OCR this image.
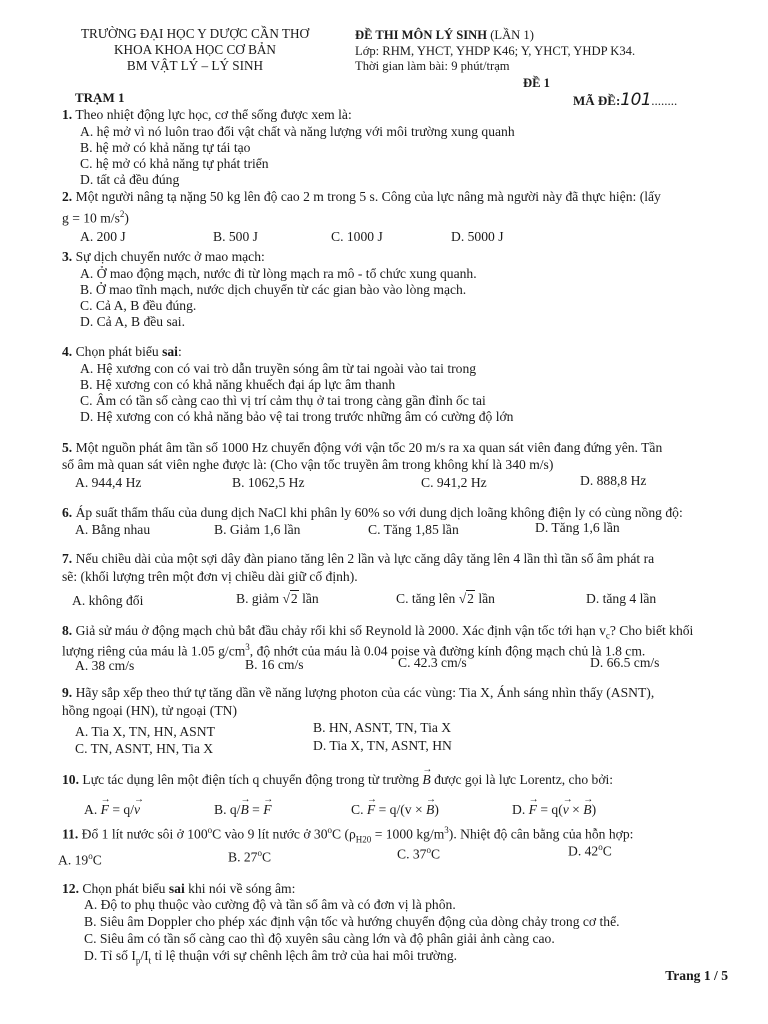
TRƯỜNG ĐẠI HỌC Y DƯỢC CẦN THƠ
KHOA KHOA HỌC CƠ BẢN
BM VẬT LÝ – LÝ SINH
ĐỀ THI MÔN LÝ SINH (LẦN 1)
Lớp: RHM, YHCT, YHDP K46; Y, YHCT, YHDP K34.
Thời gian làm bài: 9 phút/trạm
ĐỀ 1
TRẠM 1	MÃ ĐỀ:101........
1. Theo nhiệt động lực học, cơ thể sống được xem là:
A. hệ mở vì nó luôn trao đổi vật chất và năng lượng với môi trường xung quanh
B. hệ mở có khả năng tự tái tạo
C. hệ mở có khả năng tự phát triển
D. tất cả đều đúng
2. Một người nâng tạ nặng 50 kg lên độ cao 2 m trong 5 s. Công của lực nâng mà người này đã thực hiện: (lấy
g = 10 $m/s^2$)
A. 200 J	B. 500 J	C. 1000 J	D. 5000 J
3. Sự dịch chuyển nước ở mao mạch:
A. Ở mao động mạch, nước đi từ lòng mạch ra mô - tổ chức xung quanh.
B. Ở mao tĩnh mạch, nước dịch chuyển từ các gian bào vào lòng mạch.
C. Cả A, B đều đúng.
D. Cả A, B đều sai.
4. Chọn phát biểu sai:
A. Hệ xương con có vai trò dẫn truyền sóng âm từ tai ngoài vào tai trong
B. Hệ xương con có khả năng khuếch đại áp lực âm thanh
C. Âm có tần số càng cao thì vị trí cảm thụ ở tai trong càng gần đỉnh ốc tai
D. Hệ xương con có khả năng bảo vệ tai trong trước những âm có cường độ lớn
5. Một nguồn phát âm tần số 1000 Hz chuyển động với vận tốc 20 m/s ra xa quan sát viên đang đứng yên. Tần
số âm mà quan sát viên nghe được là: (Cho vận tốc truyền âm trong không khí là 340 m/s)
A. 944,4 Hz	B. 1062,5 Hz	C. 941,2 Hz	D. 888,8 Hz
6. Áp suất thẩm thấu của dung dịch NaCl khi phân ly 60% so với dung dịch loãng không điện ly có cùng nồng độ:
A. Bằng nhau	B. Giảm 1,6 lần	C. Tăng 1,85 lần	D. Tăng 1,6 lần
7. Nếu chiều dài của một sợi dây đàn piano tăng lên 2 lần và lực căng dây tăng lên 4 lần thì tần số âm phát ra
sẽ: (khối lượng trên một đơn vị chiều dài giữ cố định).
A. không đổi	B. giảm √2 lần	C. tăng lên √2 lần	D. tăng 4 lần
8. Giả sử máu ở động mạch chủ bắt đầu chảy rối khi số Reynold là 2000. Xác định vận tốc tới hạn $v_c$? Cho biết khối
lượng riêng của máu là 1.05 $g/cm^3$, độ nhớt của máu là 0.04 poise và đường kính động mạch chủ là 1.8 cm.
A. 38 cm/s	B. 16 cm/s	C. 42.3 cm/s	D. 66.5 cm/s
9. Hãy sắp xếp theo thứ tự tăng dần về năng lượng photon của các vùng: Tia X, Ánh sáng nhìn thấy (ASNT),
hồng ngoại (HN), tử ngoại (TN)
A. Tia X, TN, HN, ASNT	B. HN, ASNT, TN, Tia X
C. TN, ASNT, HN, Tia X	D. Tia X, TN, ASNT, HN
10. Lực tác dụng lên một điện tích q chuyển động trong từ trường → B được gọi là lực Lorentz, cho bởi:
A. → F = q/→ v	B. q/→ B = → F	C. → F = q/(v × → B)	D. → F = q(→ v × → B)
11. Đổ 1 lít nước sôi ở 100$^o$C vào 9 lít nước ở 30$^o$C ($\rho_{H20} = 1000$ $kg/m^3$). Nhiệt độ cân bằng của hỗn hợp:
A. 19$^o$C	B. 27$^o$C	C. 37$^o$C	D. 42$^o$C
12. Chọn phát biểu sai khi nói về sóng âm:
A. Độ to phụ thuộc vào cường độ và tần số âm và có đơn vị là phôn.
B. Siêu âm Doppler cho phép xác định vận tốc và hướng chuyển động của dòng chảy trong cơ thể.
C. Siêu âm có tần số càng cao thì độ xuyên sâu càng lớn và độ phân giải ảnh càng cao.
D. Tỉ số $I_p/I_t$ tỉ lệ thuận với sự chênh lệch âm trở của hai môi trường.
Trang 1 / 5
